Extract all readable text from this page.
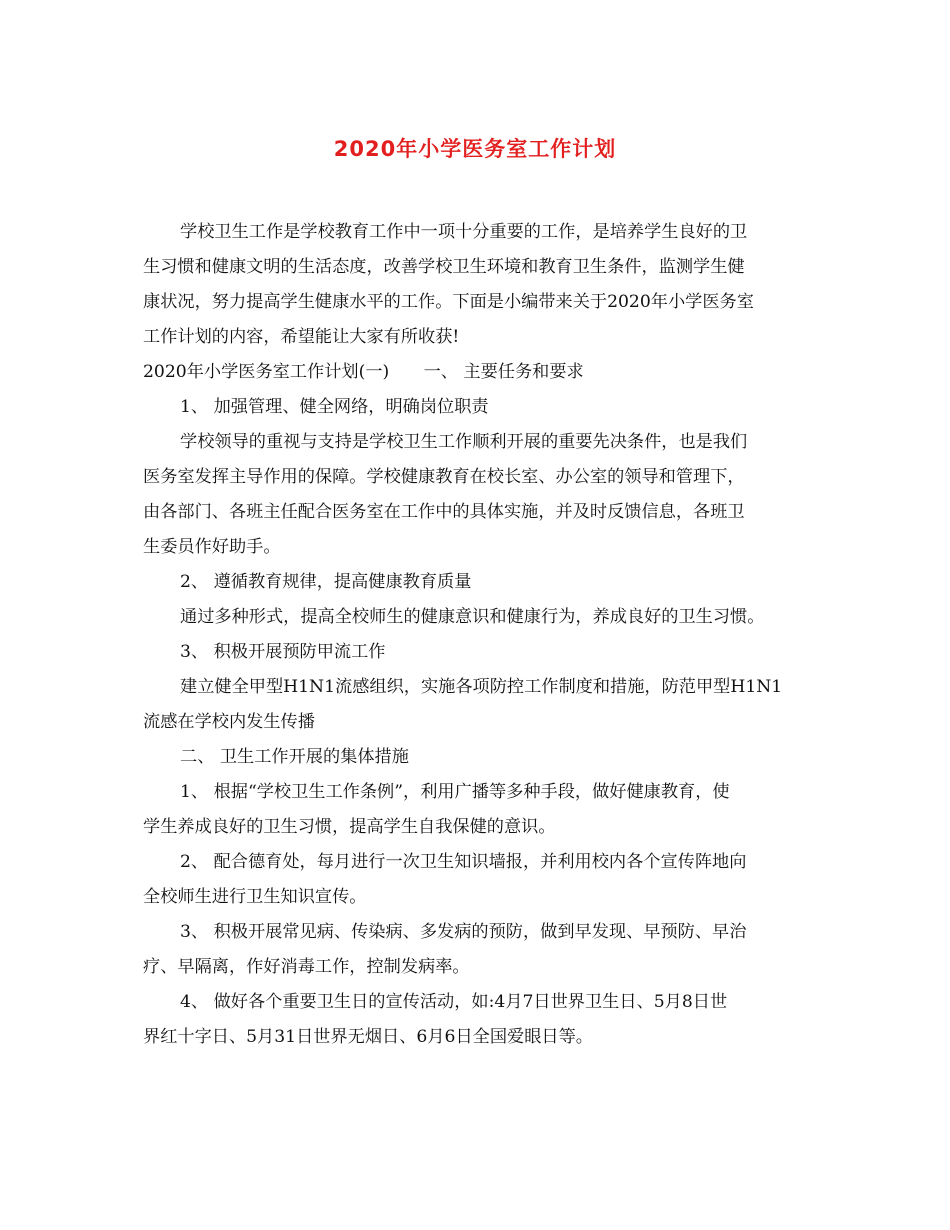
2020年小学医务室工作计划
学校卫生工作是学校教育工作中一项十分重要的工作，是培养学生良好的卫
生习惯和健康文明的生活态度，改善学校卫生环境和教育卫生条件，监测学生健
康状况，努力提高学生健康水平的工作。下面是小编带来关于2020年小学医务室
工作计划的内容，希望能让大家有所收获!
2020年小学医务室工作计划(一)　　一、 主要任务和要求
1、 加强管理、健全网络，明确岗位职责
学校领导的重视与支持是学校卫生工作顺利开展的重要先决条件，也是我们
医务室发挥主导作用的保障。学校健康教育在校长室、办公室的领导和管理下，
由各部门、各班主任配合医务室在工作中的具体实施，并及时反馈信息，各班卫
生委员作好助手。
2、 遵循教育规律，提高健康教育质量
通过多种形式，提高全校师生的健康意识和健康行为，养成良好的卫生习惯。
3、 积极开展预防甲流工作
建立健全甲型H1N1流感组织，实施各项防控工作制度和措施，防范甲型H1N1
流感在学校内发生传播
二、 卫生工作开展的集体措施
1、 根据“学校卫生工作条例”，利用广播等多种手段，做好健康教育，使
学生养成良好的卫生习惯，提高学生自我保健的意识。
2、 配合德育处，每月进行一次卫生知识墙报，并利用校内各个宣传阵地向
全校师生进行卫生知识宣传。
3、 积极开展常见病、传染病、多发病的预防，做到早发现、早预防、早治
疗、早隔离，作好消毒工作，控制发病率。
4、 做好各个重要卫生日的宣传活动，如:4月7日世界卫生日、5月8日世
界红十字日、5月31日世界无烟日、6月6日全国爱眼日等。
